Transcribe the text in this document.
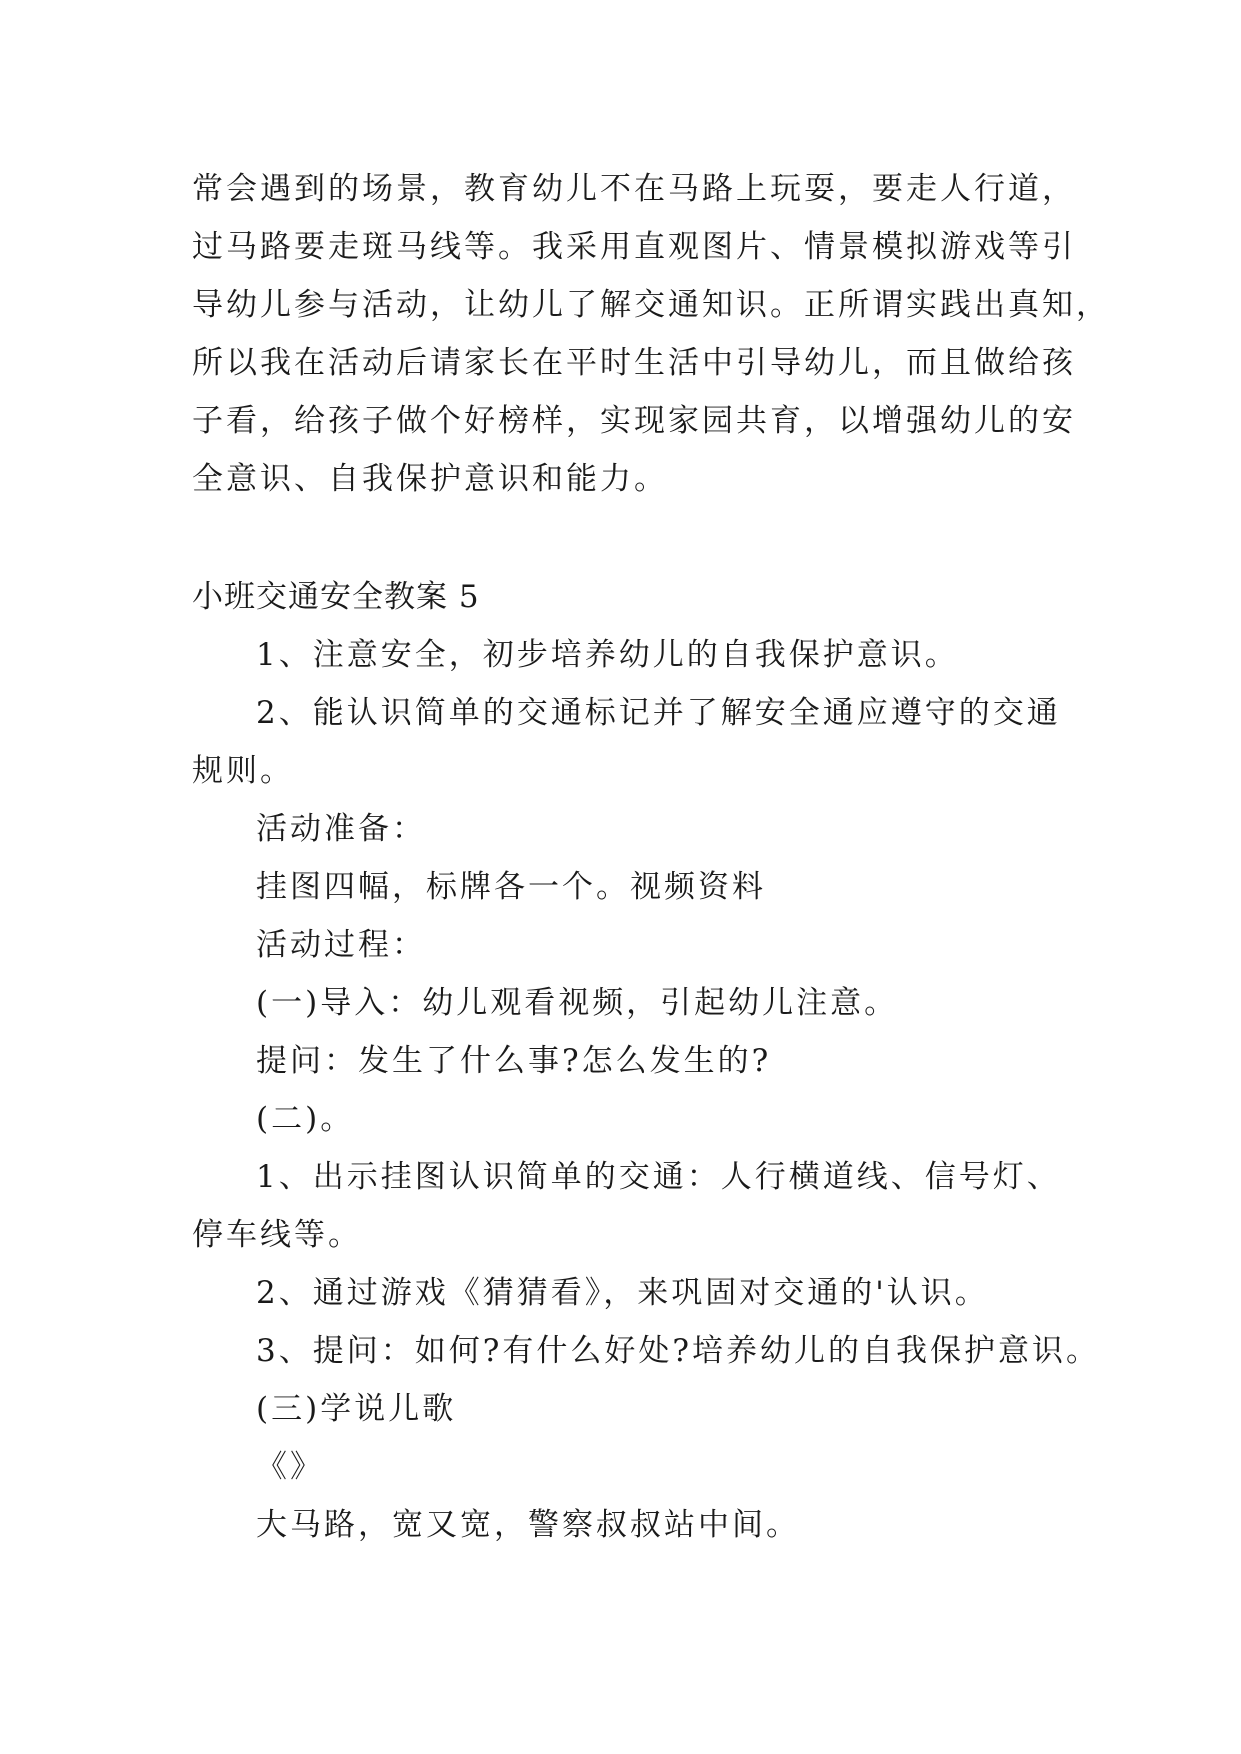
常会遇到的场景，教育幼儿不在马路上玩耍，要走人行道，
过马路要走斑马线等。我采用直观图片、情景模拟游戏等引
导幼儿参与活动，让幼儿了解交通知识。正所谓实践出真知，
所以我在活动后请家长在平时生活中引导幼儿，而且做给孩
子看，给孩子做个好榜样，实现家园共育，以增强幼儿的安
全意识、自我保护意识和能力。
小班交通安全教案 5
1、注意安全，初步培养幼儿的自我保护意识。
2、能认识简单的交通标记并了解安全通应遵守的交通
规则。
活动准备：
挂图四幅，标牌各一个。视频资料
活动过程：
(一)导入：幼儿观看视频，引起幼儿注意。
提问：发生了什么事?怎么发生的?
(二)。
1、出示挂图认识简单的交通：人行横道线、信号灯、
停车线等。
2、通过游戏《猜猜看》，来巩固对交通的'认识。
3、提问：如何?有什么好处?培养幼儿的自我保护意识。
(三)学说儿歌
《》
大马路，宽又宽，警察叔叔站中间。
